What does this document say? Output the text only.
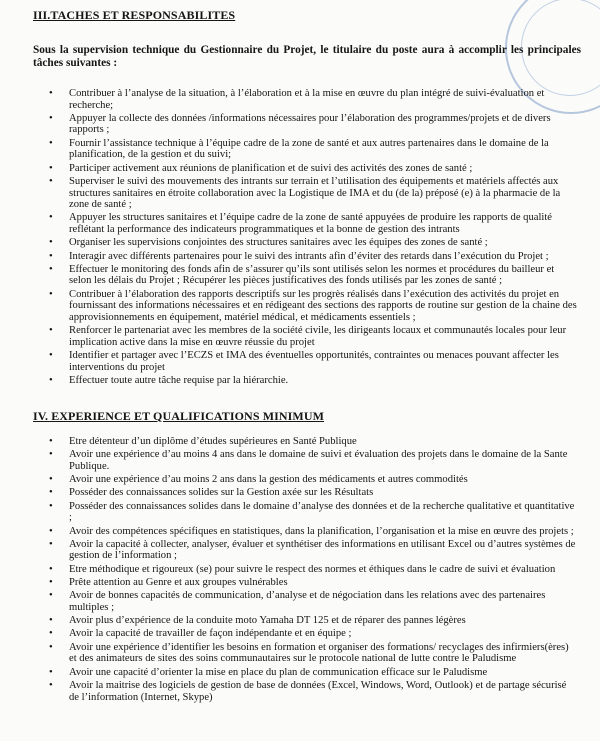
III.TACHES ET RESPONSABILITES
Sous la supervision technique du Gestionnaire du Projet, le titulaire du poste aura à accomplir les principales tâches suivantes :
• Contribuer à l’analyse de la situation, à l’élaboration et à la mise en œuvre du plan intégré de suivi-évaluation et recherche;
• Appuyer la collecte des données /informations nécessaires pour l’élaboration des programmes/projets et de divers rapports ;
• Fournir l’assistance technique à l’équipe cadre de la zone de santé et aux autres partenaires dans le domaine de la planification, de la gestion et du suivi;
• Participer activement aux réunions de planification et de suivi des activités des zones de santé ;
• Superviser le suivi des mouvements des intrants sur terrain et l’utilisation des équipements et matériels affectés aux structures sanitaires en étroite collaboration avec la Logistique de IMA et du (de la) préposé (e) à la pharmacie de la zone de santé ;
• Appuyer les structures sanitaires et l’équipe cadre de la zone de santé appuyées de produire les rapports de qualité reflétant la performance des indicateurs programmatiques et la bonne de gestion des intrants
• Organiser les supervisions conjointes des structures sanitaires avec les équipes des zones de santé ;
• Interagir avec différents partenaires pour le suivi des intrants afin d’éviter des retards dans l’exécution du Projet ;
• Effectuer le monitoring des fonds afin de s’assurer qu’ils sont utilisés selon les normes et procédures du bailleur et selon les délais du Projet ; Récupérer les pièces justificatives des fonds utilisés par les zones de santé ;
• Contribuer à l’élaboration des rapports descriptifs sur les progrès réalisés dans l’exécution des activités du projet en fournissant des informations nécessaires et en rédigeant des sections des rapports de routine sur gestion de la chaine des approvisionnements en équipement, matériel médical, et médicaments essentiels ;
• Renforcer le partenariat avec les membres de la société civile, les dirigeants locaux et communautés locales pour leur implication active dans la mise en œuvre réussie du projet
• Identifier et partager avec l’ECZS et IMA des éventuelles opportunités, contraintes ou menaces pouvant affecter les interventions du projet
• Effectuer toute autre tâche requise par la hiérarchie.
IV. EXPERIENCE ET QUALIFICATIONS MINIMUM
• Etre détenteur d’un diplôme d’études supérieures en Santé Publique
• Avoir une expérience d’au moins 4 ans dans le domaine de suivi et évaluation des projets dans le domaine de la Sante Publique.
• Avoir une expérience d’au moins 2 ans dans la gestion des médicaments et autres commodités
• Posséder des connaissances solides sur la Gestion axée sur les Résultats
• Posséder des connaissances solides dans le domaine d’analyse des données et de la recherche qualitative et quantitative ;
• Avoir des compétences spécifiques en statistiques, dans la planification, l’organisation et la mise en œuvre des projets ;
• Avoir la capacité à collecter, analyser, évaluer et synthétiser des informations en utilisant Excel ou d’autres systèmes de gestion de l’information ;
• Etre méthodique et rigoureux (se) pour suivre le respect des normes et éthiques dans le cadre de suivi et évaluation
• Prête attention au Genre et aux groupes vulnérables
• Avoir de bonnes capacités de communication, d’analyse et de négociation dans les relations avec des partenaires multiples ;
• Avoir plus d’expérience de la conduite moto Yamaha DT 125 et de réparer des pannes légères
• Avoir la capacité de travailler de façon indépendante et en équipe ;
• Avoir une expérience d’identifier les besoins en formation et organiser des formations/ recyclages des infirmiers(ères) et des animateurs de sites des soins communautaires sur le protocole national de lutte contre le Paludisme
• Avoir une capacité d’orienter la mise en place du plan de communication efficace sur le Paludisme
• Avoir la maitrise des logiciels de gestion de base de données (Excel, Windows, Word, Outlook) et de partage sécurisé de l’information (Internet, Skype)
